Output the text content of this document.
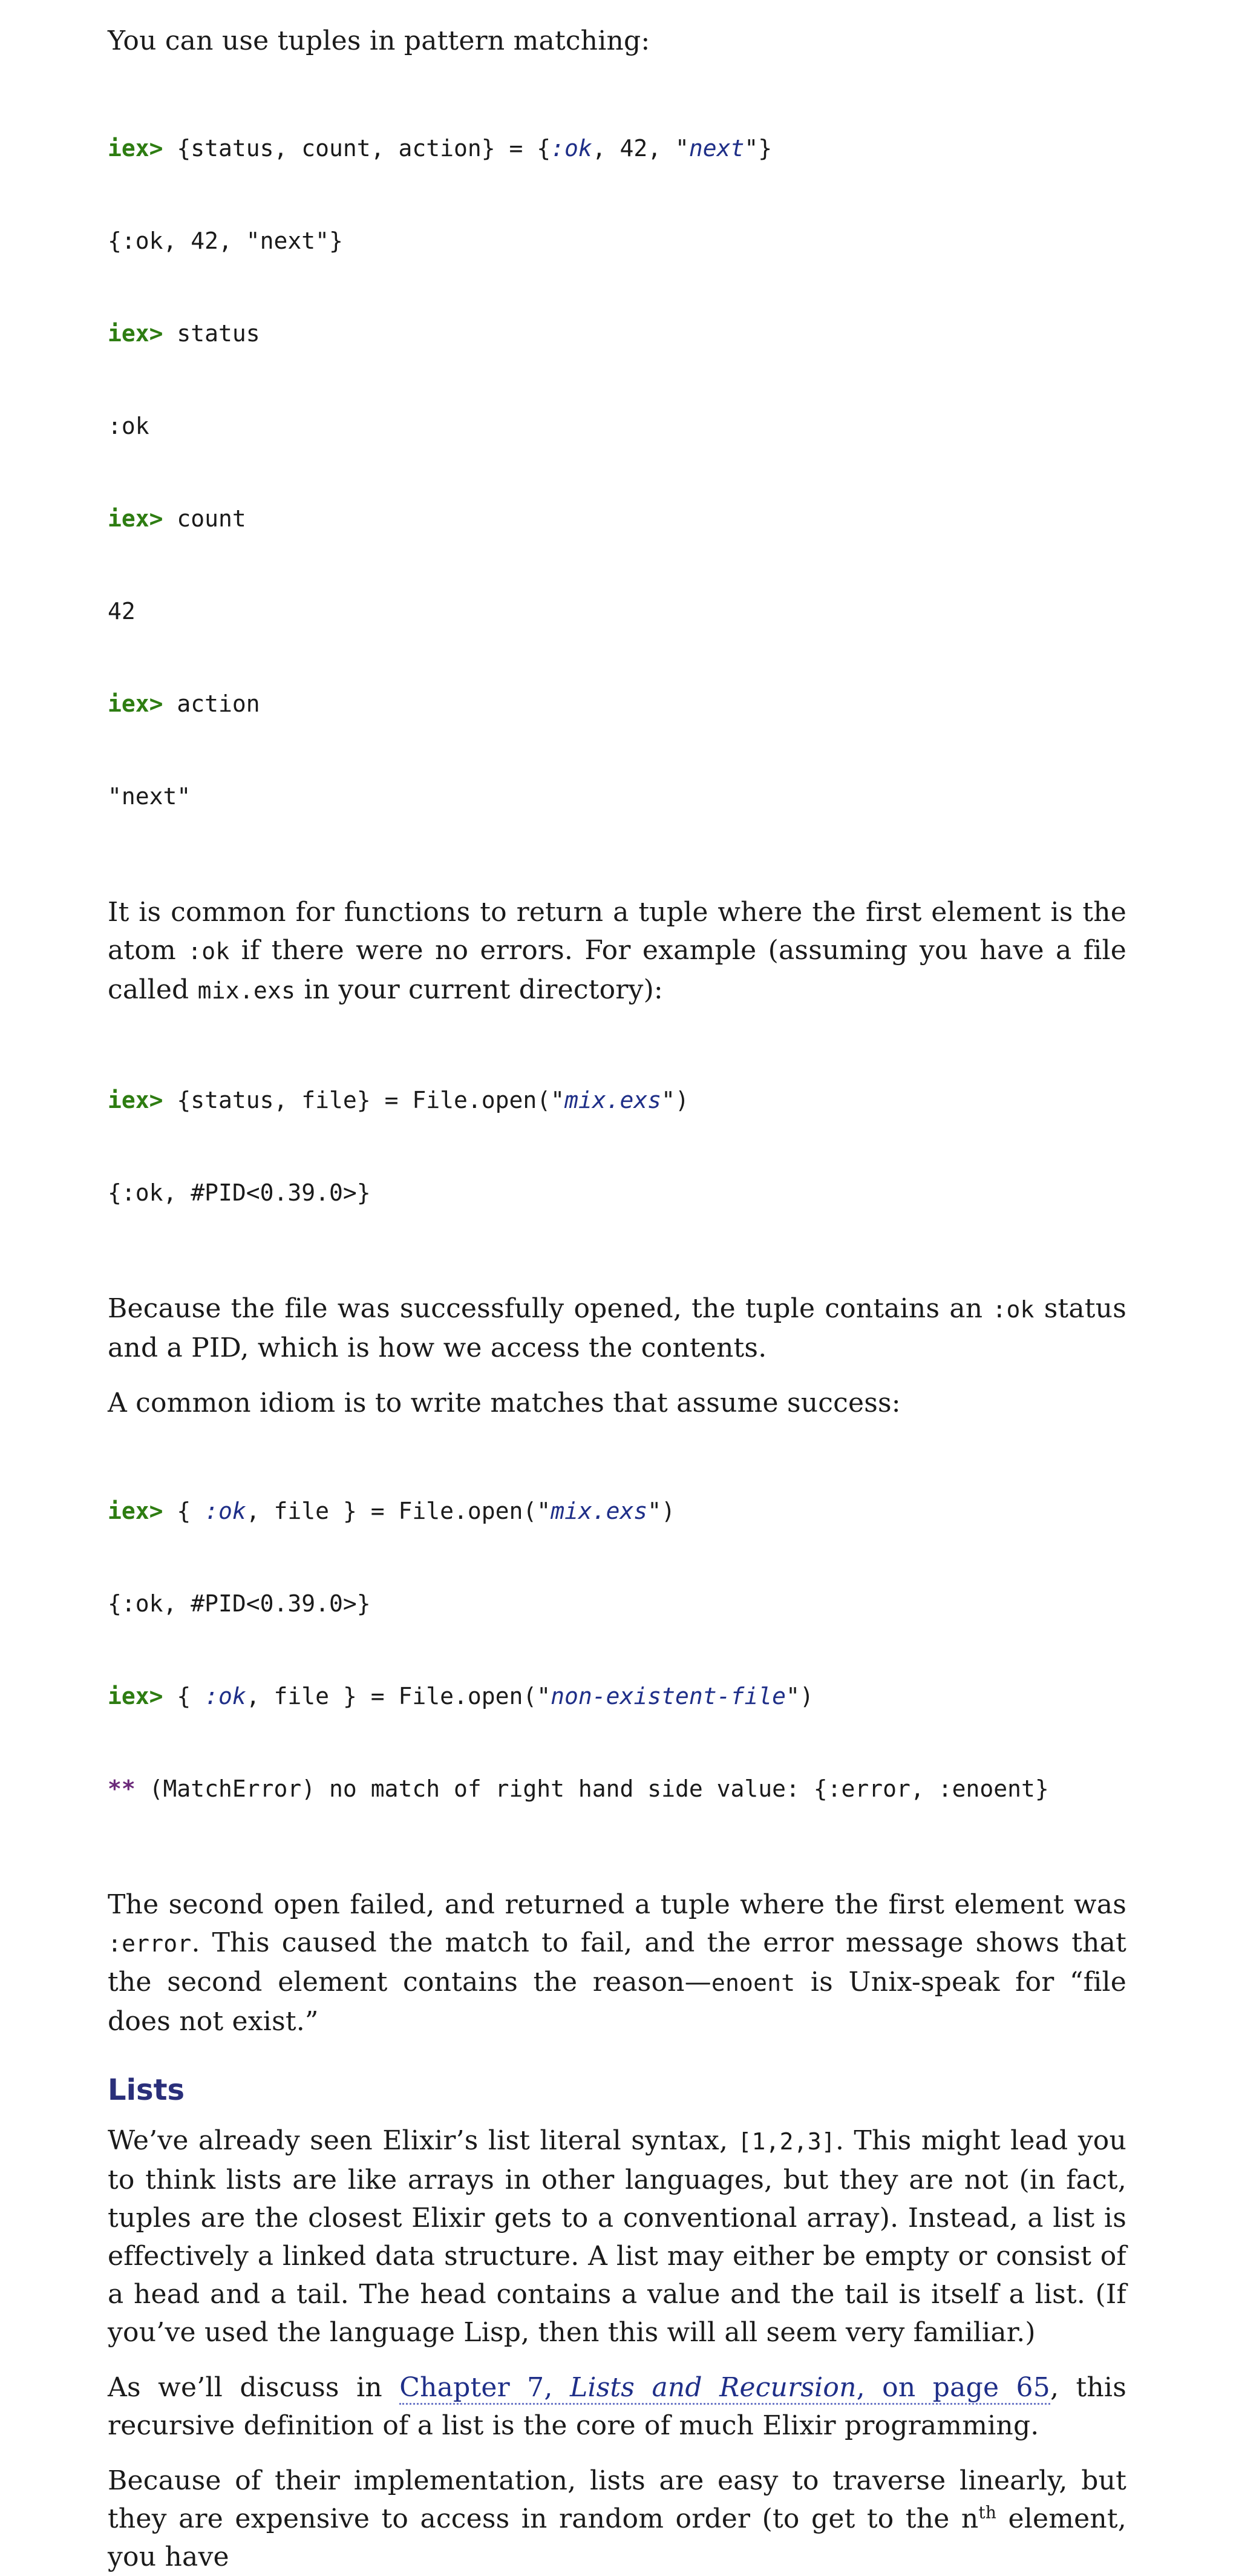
You can use tuples in pattern matching:

iex> {status, count, action} = {:ok, 42, "next"}

{:ok, 42, "next"}

iex> status

:ok

iex> count

42

iex> action

"next"

It is common for functions to return a tuple where the first element is the atom :ok if there were no errors. For example (assuming you have a file called mix.exs in your current directory):

iex> {status, file} = File.open("mix.exs")

{:ok, #PID<0.39.0>}

Because the file was successfully opened, the tuple contains an :ok status and a PID, which is how we access the contents.

A common idiom is to write matches that assume success:

iex> { :ok, file } = File.open("mix.exs")

{:ok, #PID<0.39.0>}

iex> { :ok, file } = File.open("non-existent-file")

** (MatchError) no match of right hand side value: {:error, :enoent}

The second open failed, and returned a tuple where the first element was :error. This caused the match to fail, and the error message shows that the second element contains the reason—enoent is Unix-speak for “file does not exist.”

Lists

We’ve already seen Elixir’s list literal syntax, [1,2,3]. This might lead you to think lists are like arrays in other languages, but they are not (in fact, tuples are the closest Elixir gets to a conventional array). Instead, a list is effectively a linked data structure. A list may either be empty or consist of a head and a tail. The head contains a value and the tail is itself a list. (If you’ve used the language Lisp, then this will all seem very familiar.)

As we’ll discuss in Chapter 7, Lists and Recursion, on page 65, this recursive definition of a list is the core of much Elixir programming.

Because of their implementation, lists are easy to traverse linearly, but they are expensive to access in random order (to get to the $n^{th}$ element, you have
